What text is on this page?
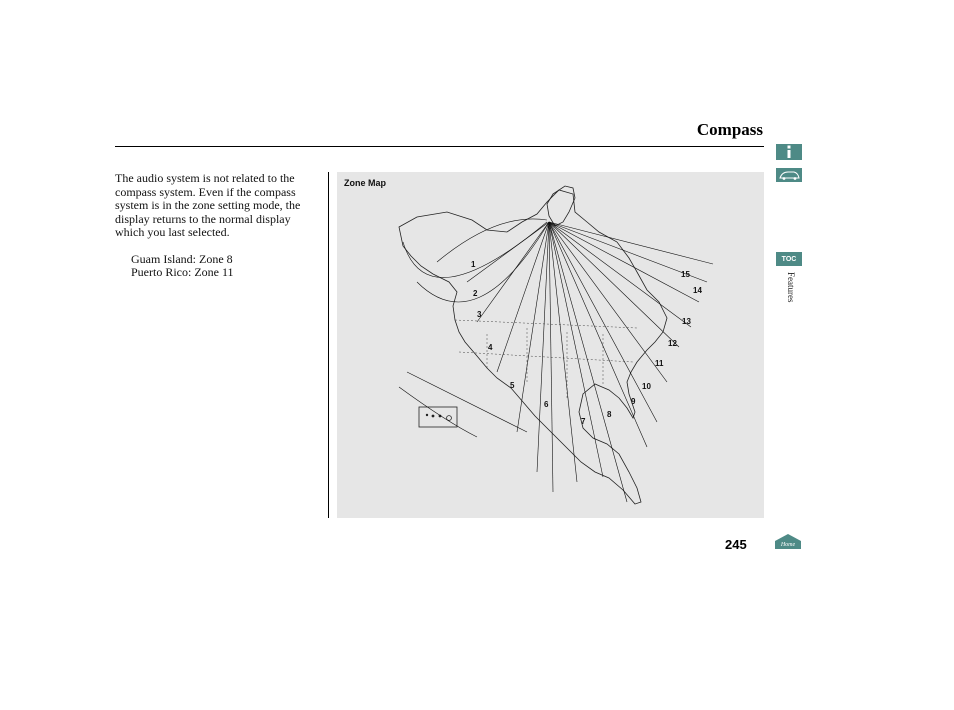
Compass

The audio system is not related to the compass system. Even if the compass system is in the zone setting mode, the display returns to the normal display which you last selected.

Guam Island: Zone 8
Puerto Rico: Zone 11
Zone Map
1
2
3
4
5
6
7
8
9
10
11
12
13
14
15
TOC
Features
245	Home
